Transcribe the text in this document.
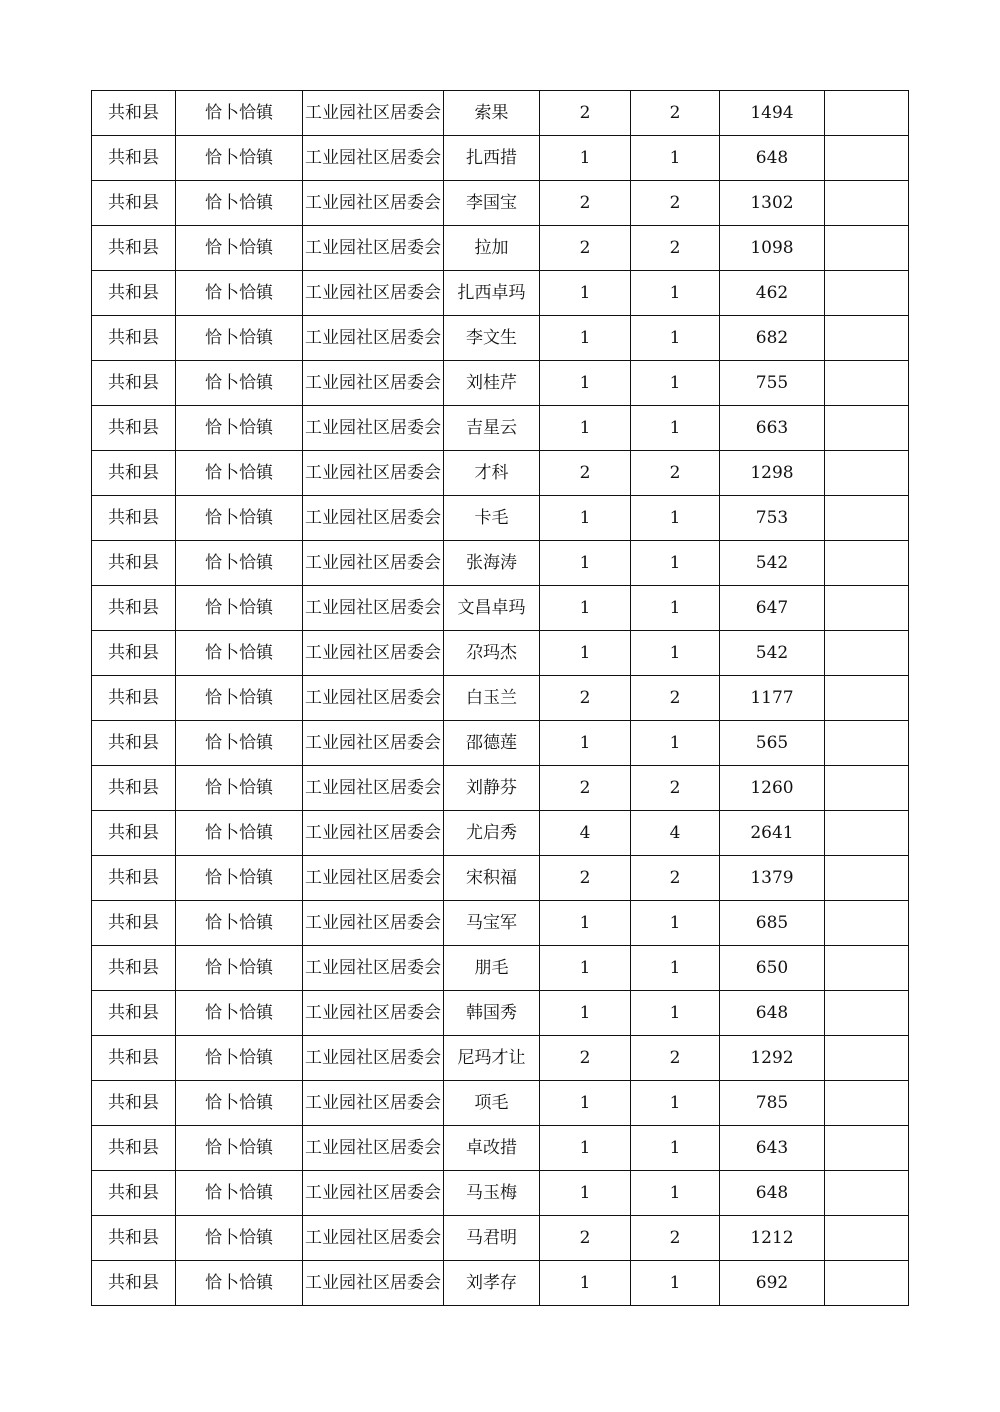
共和县	恰卜恰镇	工业园社区居委会	索果	2	2	1494	
共和县	恰卜恰镇	工业园社区居委会	扎西措	1	1	648	
共和县	恰卜恰镇	工业园社区居委会	李国宝	2	2	1302	
共和县	恰卜恰镇	工业园社区居委会	拉加	2	2	1098	
共和县	恰卜恰镇	工业园社区居委会	扎西卓玛	1	1	462	
共和县	恰卜恰镇	工业园社区居委会	李文生	1	1	682	
共和县	恰卜恰镇	工业园社区居委会	刘桂芹	1	1	755	
共和县	恰卜恰镇	工业园社区居委会	吉星云	1	1	663	
共和县	恰卜恰镇	工业园社区居委会	才科	2	2	1298	
共和县	恰卜恰镇	工业园社区居委会	卡毛	1	1	753	
共和县	恰卜恰镇	工业园社区居委会	张海涛	1	1	542	
共和县	恰卜恰镇	工业园社区居委会	文昌卓玛	1	1	647	
共和县	恰卜恰镇	工业园社区居委会	尕玛杰	1	1	542	
共和县	恰卜恰镇	工业园社区居委会	白玉兰	2	2	1177	
共和县	恰卜恰镇	工业园社区居委会	邵德莲	1	1	565	
共和县	恰卜恰镇	工业园社区居委会	刘静芬	2	2	1260	
共和县	恰卜恰镇	工业园社区居委会	尤启秀	4	4	2641	
共和县	恰卜恰镇	工业园社区居委会	宋积福	2	2	1379	
共和县	恰卜恰镇	工业园社区居委会	马宝军	1	1	685	
共和县	恰卜恰镇	工业园社区居委会	朋毛	1	1	650	
共和县	恰卜恰镇	工业园社区居委会	韩国秀	1	1	648	
共和县	恰卜恰镇	工业园社区居委会	尼玛才让	2	2	1292	
共和县	恰卜恰镇	工业园社区居委会	项毛	1	1	785	
共和县	恰卜恰镇	工业园社区居委会	卓改措	1	1	643	
共和县	恰卜恰镇	工业园社区居委会	马玉梅	1	1	648	
共和县	恰卜恰镇	工业园社区居委会	马君明	2	2	1212	
共和县	恰卜恰镇	工业园社区居委会	刘孝存	1	1	692	
